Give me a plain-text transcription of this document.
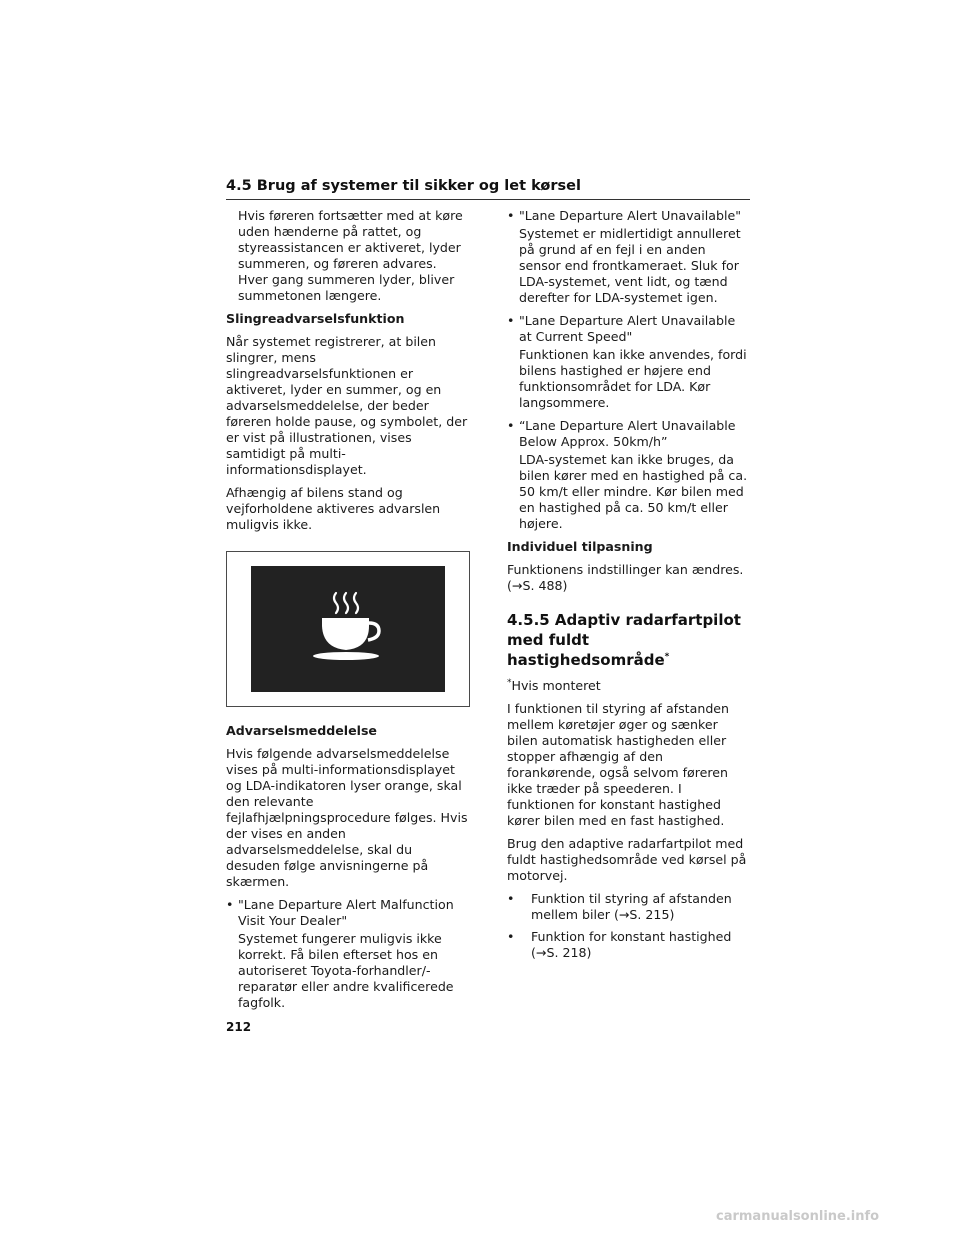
4.5 Brug af systemer til sikker og let kørsel

Hvis føreren fortsætter med at køre uden hænderne på rattet, og styreassistancen er aktiveret, lyder summeren, og føreren advares. Hver gang summeren lyder, bliver summetonen længere.

Slingreadvarselsfunktion

Når systemet registrerer, at bilen slingrer, mens slingreadvarselsfunktionen er aktiveret, lyder en summer, og en advarselsmeddelelse, der beder føreren holde pause, og symbolet, der er vist på illustrationen, vises samtidigt på multi-informationsdisplayet.

Afhængig af bilens stand og vejforholdene aktiveres advarslen muligvis ikke.

Advarselsmeddelelse

Hvis følgende advarselsmeddelelse vises på multi-informationsdisplayet og LDA-indikatoren lyser orange, skal den relevante fejlafhjælpningsprocedure følges. Hvis der vises en anden advarselsmeddelelse, skal du desuden følge anvisningerne på skærmen.

• "Lane Departure Alert Malfunction Visit Your Dealer"

Systemet fungerer muligvis ikke korrekt. Få bilen efterset hos en autoriseret Toyota-forhandler/-reparatør eller andre kvalificerede fagfolk.

• "Lane Departure Alert Unavailable"

Systemet er midlertidigt annulleret på grund af en fejl i en anden sensor end frontkameraet. Sluk for LDA-systemet, vent lidt, og tænd derefter for LDA-systemet igen.

• "Lane Departure Alert Unavailable at Current Speed"

Funktionen kan ikke anvendes, fordi bilens hastighed er højere end funktionsområdet for LDA. Kør langsommere.

• “Lane Departure Alert Unavailable Below Approx. 50km/h”

LDA-systemet kan ikke bruges, da bilen kører med en hastighed på ca. 50 km/t eller mindre. Kør bilen med en hastighed på ca. 50 km/t eller højere.

Individuel tilpasning

Funktionens indstillinger kan ændres. (→S. 488)

4.5.5 Adaptiv radarfartpilot med fuldt hastighedsområde*

*Hvis monteret

I funktionen til styring af afstanden mellem køretøjer øger og sænker bilen automatisk hastigheden eller stopper afhængig af den forankørende, også selvom føreren ikke træder på speederen. I funktionen for konstant hastighed kører bilen med en fast hastighed.

Brug den adaptive radarfartpilot med fuldt hastighedsområde ved kørsel på motorvej.

•	Funktion til styring af afstanden mellem biler (→S. 215)
•	Funktion for konstant hastighed (→S. 218)
212
carmanualsonline.info
